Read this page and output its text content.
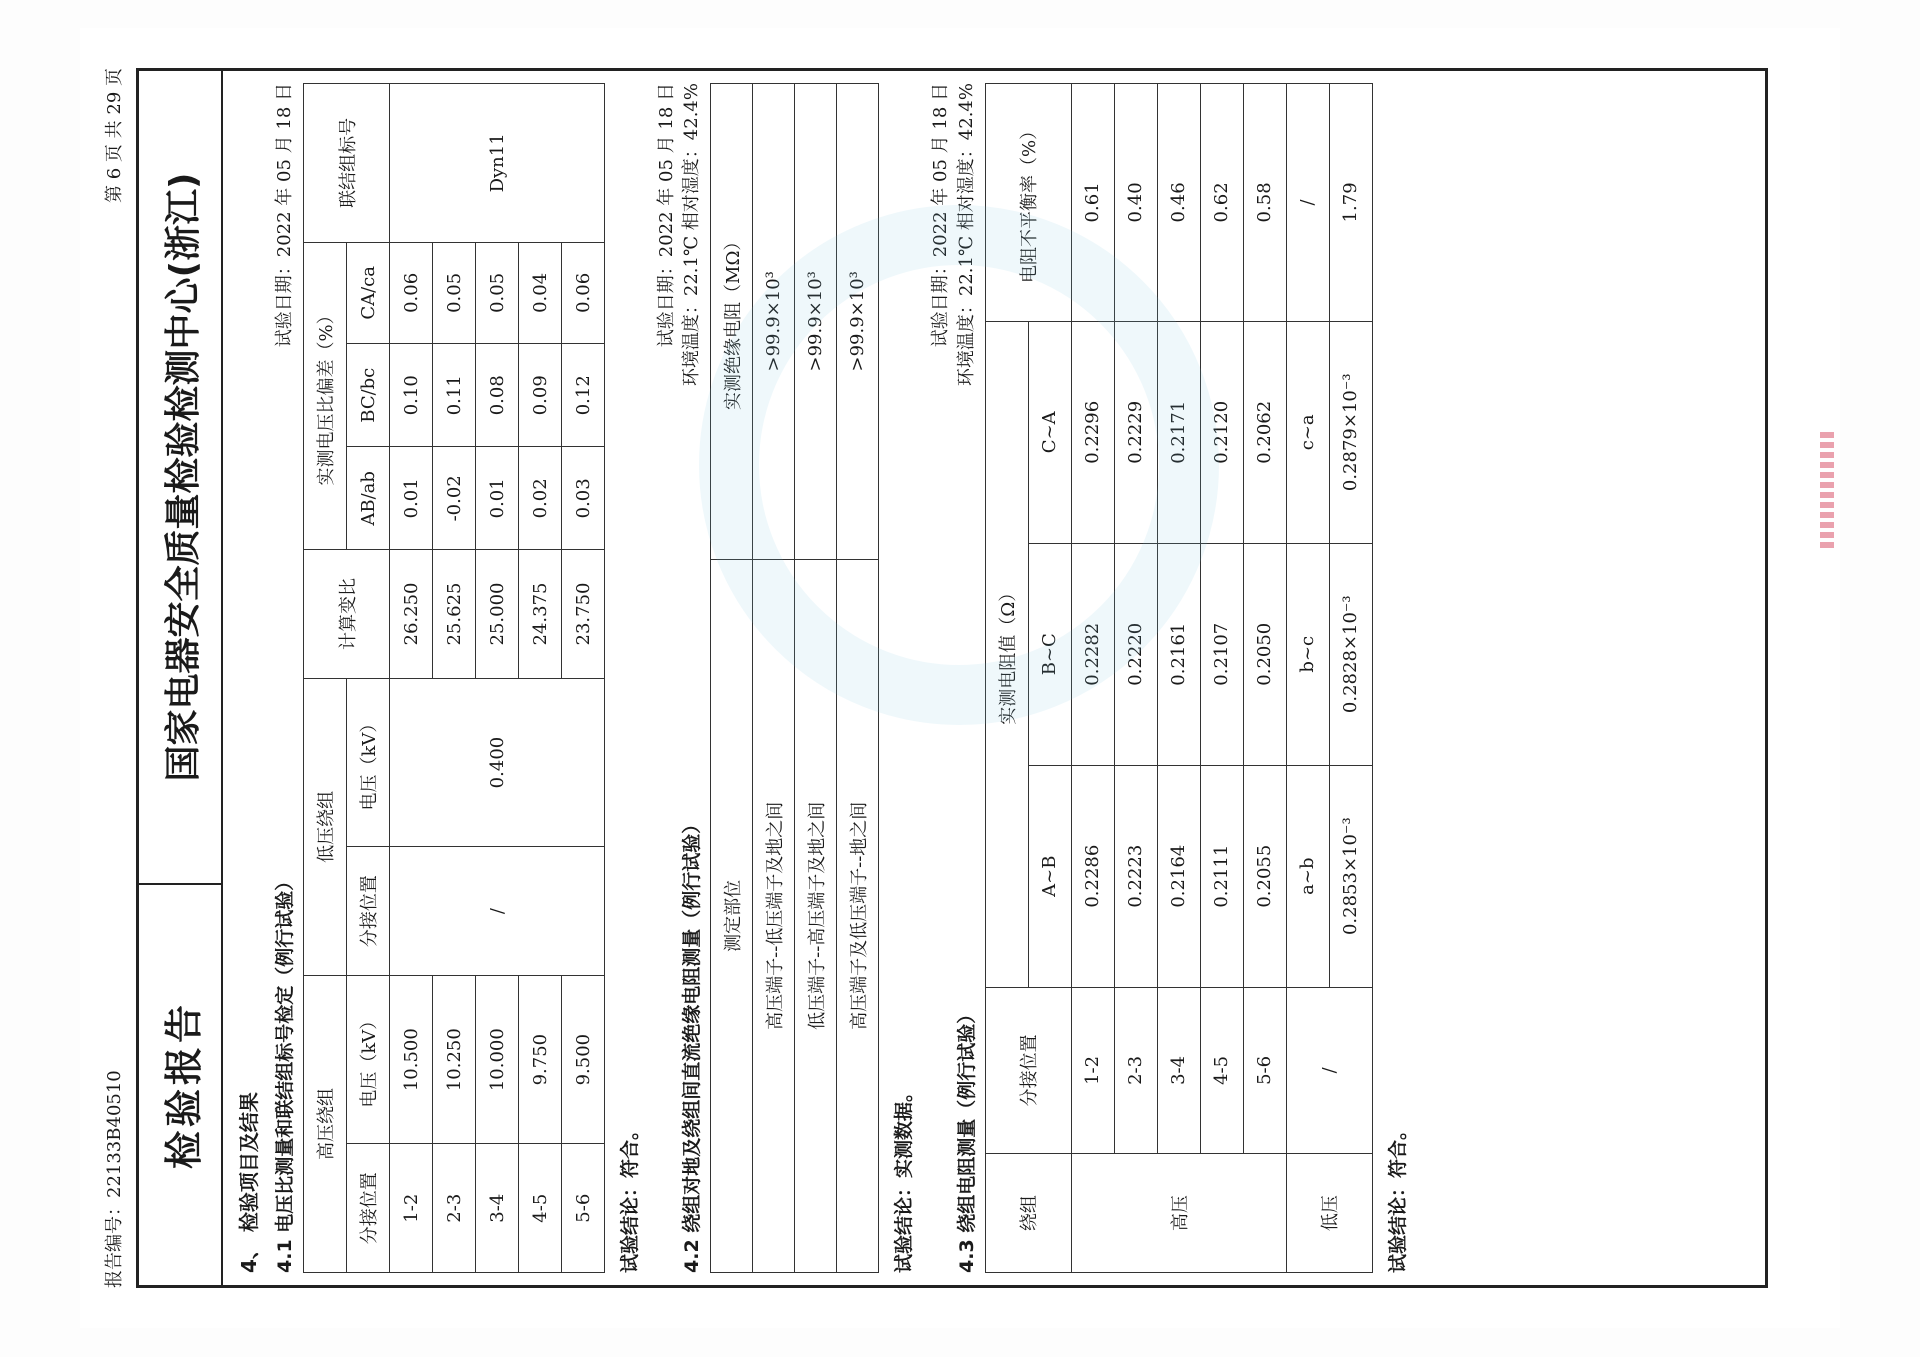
报告编号：22133B40510
第 6 页 共 29 页
检验报告
国家电器安全质量检验检测中心(浙江)
4、 检验项目及结果 4.1 电压比测量和联结组标号检定（例行试验）
试验日期：2022 年 05 月 18 日
高压绕组		低压绕组		计算变比	实测电压比偏差（%）			联结组标号
分接位置	电压（kV）	分接位置	电压（kV）		AB/ab	BC/bc	CA/ca	
1-2	10.500	/	0.400	26.250	0.01	0.10	0.06	Dyn11
2-3	10.250			25.625	-0.02	0.11	0.05	
3-4	10.000			25.000	0.01	0.08	0.05	
4-5	9.750			24.375	0.02	0.09	0.04	
5-6	9.500			23.750	0.03	0.12	0.06	
试验结论：符合。 4.2 绕组对地及绕组间直流绝缘电阻测量（例行试验）
试验日期：2022 年 05 月 18 日 环境温度：22.1℃ 相对湿度：42.4%
测定部位	实测绝缘电阻（MΩ）
高压端子--低压端子及地之间	>99.9×10³
低压端子--高压端子及地之间	>99.9×10³
高压端子及低压端子--地之间	>99.9×10³
试验结论：实测数据。 4.3 绕组电阻测量（例行试验）
试验日期：2022 年 05 月 18 日 环境温度：22.1℃ 相对湿度：42.4%
绕组	分接位置	实测电阻值（Ω）			电阻不平衡率（%）
		A~B	B~C	C~A	
高压	1-2	0.2286	0.2282	0.2296	0.61
	2-3	0.2223	0.2220	0.2229	0.40
	3-4	0.2164	0.2161	0.2171	0.46
	4-5	0.2111	0.2107	0.2120	0.62
	5-6	0.2055	0.2050	0.2062	0.58
低压	/	a~b	b~c	c~a	/
		0.2853×10⁻³	0.2828×10⁻³	0.2879×10⁻³	1.79
试验结论：符合。
